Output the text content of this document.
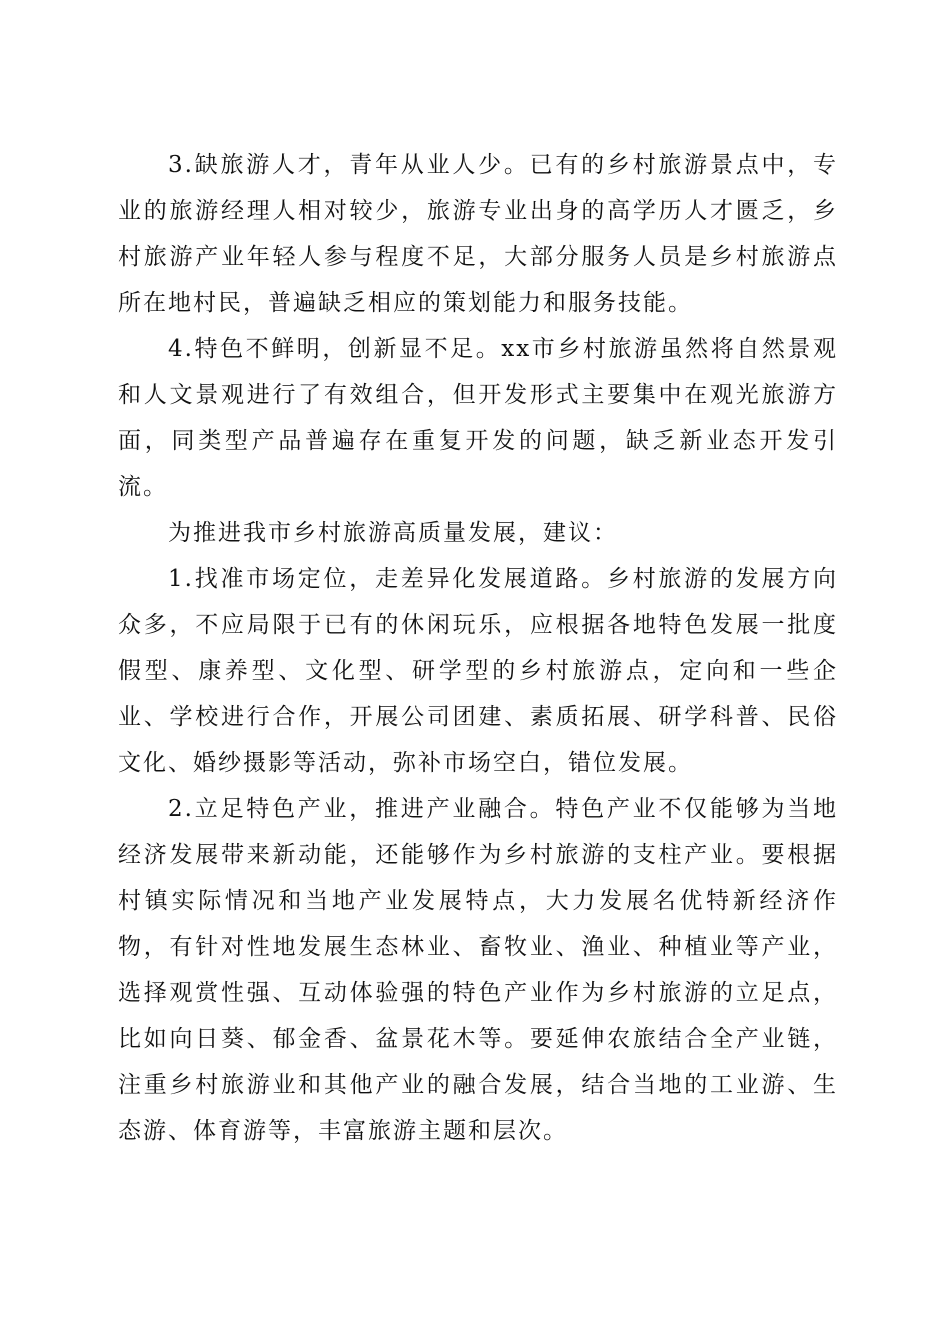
3.缺旅游人才，青年从业人少。已有的乡村旅游景点中，专业的旅游经理人相对较少，旅游专业出身的高学历人才匮乏，乡村旅游产业年轻人参与程度不足，大部分服务人员是乡村旅游点所在地村民，普遍缺乏相应的策划能力和服务技能。

4.特色不鲜明，创新显不足。xx市乡村旅游虽然将自然景观和人文景观进行了有效组合，但开发形式主要集中在观光旅游方面，同类型产品普遍存在重复开发的问题，缺乏新业态开发引流。

为推进我市乡村旅游高质量发展，建议：

1.找准市场定位，走差异化发展道路。乡村旅游的发展方向众多，不应局限于已有的休闲玩乐，应根据各地特色发展一批度假型、康养型、文化型、研学型的乡村旅游点，定向和一些企业、学校进行合作，开展公司团建、素质拓展、研学科普、民俗文化、婚纱摄影等活动，弥补市场空白，错位发展。

2.立足特色产业，推进产业融合。特色产业不仅能够为当地经济发展带来新动能，还能够作为乡村旅游的支柱产业。要根据村镇实际情况和当地产业发展特点，大力发展名优特新经济作物，有针对性地发展生态林业、畜牧业、渔业、种植业等产业，选择观赏性强、互动体验强的特色产业作为乡村旅游的立足点，比如向日葵、郁金香、盆景花木等。要延伸农旅结合全产业链，注重乡村旅游业和其他产业的融合发展，结合当地的工业游、生态游、体育游等，丰富旅游主题和层次。
